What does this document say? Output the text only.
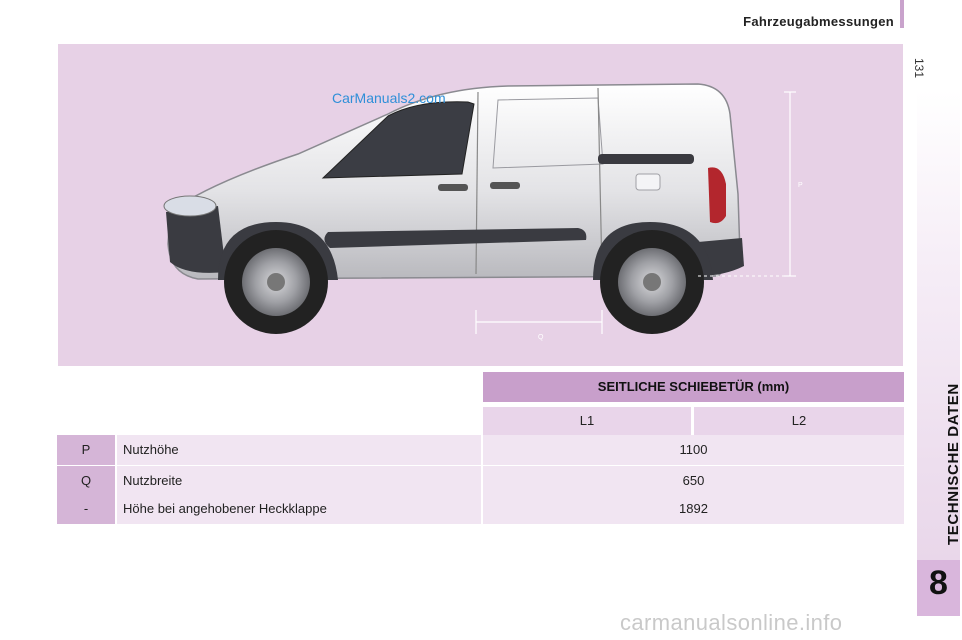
Fahrzeugabmessungen
131
TECHNISCHE DATEN
8
P
Q
CarManuals2.com
SEITLICHE SCHIEBETÜR (mm)
L1	L2
P	Nutzhöhe	1100
Q	Nutzbreite	650
-	Höhe bei angehobener Heckklappe	1892
carmanualsonline.info
